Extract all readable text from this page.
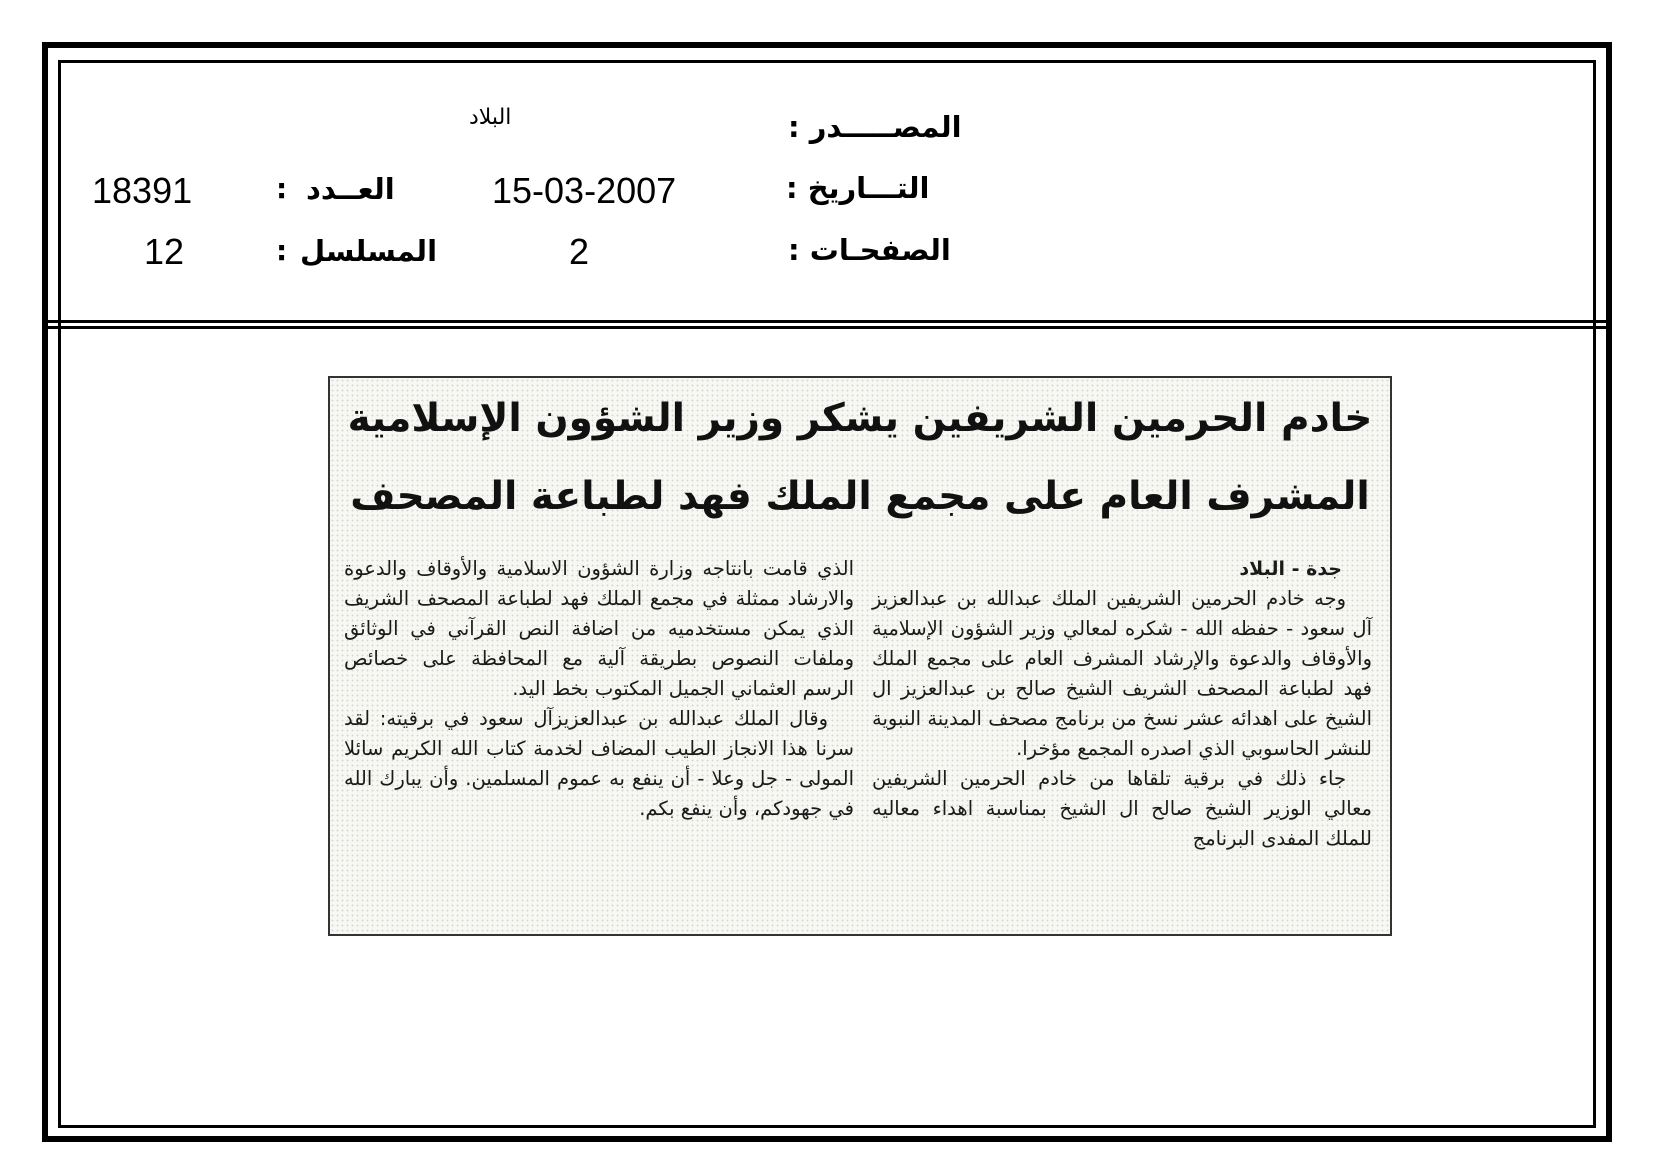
المصـــــدر :
البلاد
التـــاريخ :
15-03-2007
الصفحـات :
2
العــدد
:
18391
المسلسل
:
12
خادم الحرمين الشريفين يشكر وزير الشؤون الإسلامية
المشرف العام على مجمع الملك فهد لطباعة المصحف

جدة - البلاد

وجه خادم الحرمين الشريفين الملك عبدالله بن عبدالعزيز آل سعود - حفظه الله - شكره لمعالي وزير الشؤون الإسلامية والأوقاف والدعوة والإرشاد المشرف العام على مجمع الملك فهد لطباعة المصحف الشريف الشيخ صالح بن عبدالعزيز ال الشيخ على اهدائه عشر نسخ من برنامج مصحف المدينة النبوية للنشر الحاسوبي الذي اصدره المجمع مؤخرا.

جاء ذلك في برقية تلقاها من خادم الحرمين الشريفين معالي الوزير الشيخ صالح ال الشيخ بمناسبة اهداء معاليه للملك المفدى البرنامج

الذي قامت بانتاجه وزارة الشؤون الاسلامية والأوقاف والدعوة والارشاد ممثلة في مجمع الملك فهد لطباعة المصحف الشريف الذي يمكن مستخدميه من اضافة النص القرآني في الوثائق وملفات النصوص بطريقة آلية مع المحافظة على خصائص الرسم العثماني الجميل المكتوب بخط اليد.

وقال الملك عبدالله بن عبدالعزيزآل سعود في برقيته: لقد سرنا هذا الانجاز الطيب المضاف لخدمة كتاب الله الكريم سائلا المولى - جل وعلا - أن ينفع به عموم المسلمين. وأن يبارك الله في جهودكم، وأن ينفع بكم.
